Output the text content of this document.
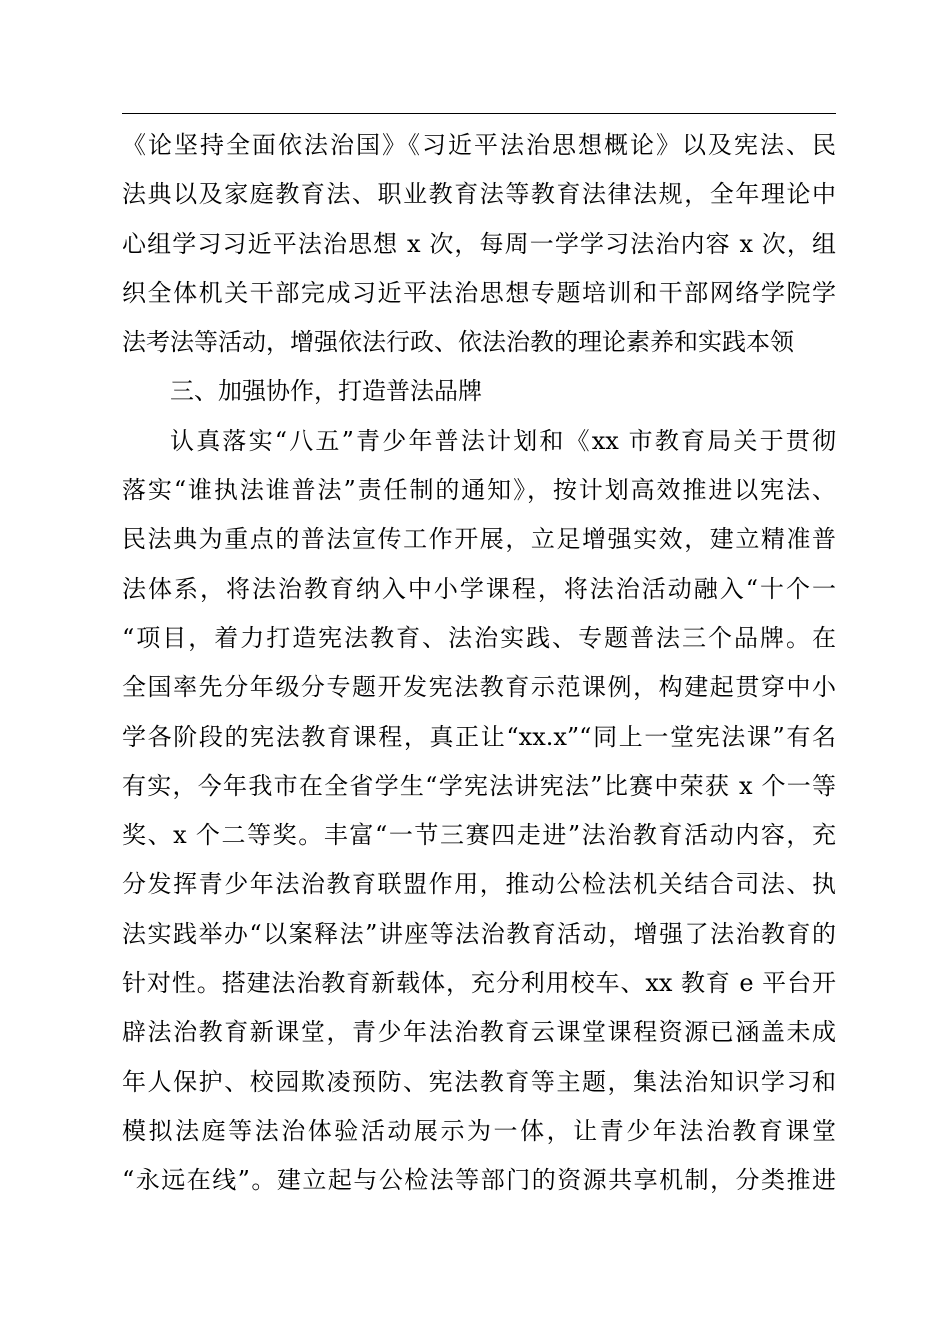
《论坚持全面依法治国》《习近平法治思想概论》以及宪法、民
法典以及家庭教育法、职业教育法等教育法律法规，全年理论中
心组学习习近平法治思想 x 次，每周一学学习法治内容 x 次，组
织全体机关干部完成习近平法治思想专题培训和干部网络学院学
法考法等活动，增强依法行政、依法治教的理论素养和实践本领
三、加强协作，打造普法品牌
认真落实“八五”青少年普法计划和《xx 市教育局关于贯彻
落实“谁执法谁普法”责任制的通知》，按计划高效推进以宪法、
民法典为重点的普法宣传工作开展，立足增强实效，建立精准普
法体系，将法治教育纳入中小学课程，将法治活动融入“十个一
“项目，着力打造宪法教育、法治实践、专题普法三个品牌。在
全国率先分年级分专题开发宪法教育示范课例，构建起贯穿中小
学各阶段的宪法教育课程，真正让“xx.x”“同上一堂宪法课”有名
有实，今年我市在全省学生“学宪法讲宪法”比赛中荣获 x 个一等
奖、x 个二等奖。丰富“一节三赛四走进”法治教育活动内容，充
分发挥青少年法治教育联盟作用，推动公检法机关结合司法、执
法实践举办“以案释法”讲座等法治教育活动，增强了法治教育的
针对性。搭建法治教育新载体，充分利用校车、xx 教育 e 平台开
辟法治教育新课堂，青少年法治教育云课堂课程资源已涵盖未成
年人保护、校园欺凌预防、宪法教育等主题，集法治知识学习和
模拟法庭等法治体验活动展示为一体，让青少年法治教育课堂
“永远在线”。建立起与公检法等部门的资源共享机制，分类推进
